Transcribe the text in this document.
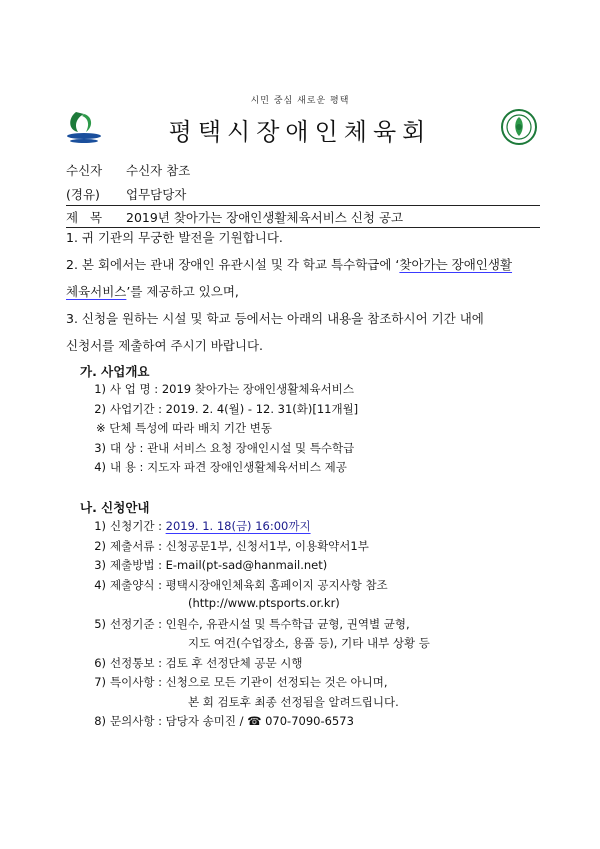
시민 중심 새로운 평택
평택시장애인체육회
수신자 수신자 참조
(경유) 업무담당자
제   목 2019년 찾아가는 장애인생활체육서비스 신청 공고
1. 귀 기관의 무궁한 발전을 기원합니다.
2. 본 회에서는 관내 장애인 유관시설 및 각 학교 특수학급에 ‘찾아가는 장애인생활
체육서비스’를 제공하고 있으며,
3. 신청을 원하는 시설 및 학교 등에서는 아래의 내용을 참조하시어 기간 내에
신청서를 제출하여 주시기 바랍니다.
가. 사업개요
1) 사 업 명 : 2019 찾아가는 장애인생활체육서비스
2) 사업기간 : 2019. 2. 4(월) - 12. 31(화)[11개월]
※ 단체 특성에 따라 배치 기간 변동
3) 대 상 : 관내 서비스 요청 장애인시설 및 특수학급
4) 내 용 : 지도자 파견 장애인생활체육서비스 제공
나. 신청안내
1) 신청기간 : 2019. 1. 18(금) 16:00까지
2) 제출서류 : 신청공문1부, 신청서1부, 이용확약서1부
3) 제출방법 : E-mail(pt-sad@hanmail.net)
4) 제출양식 : 평택시장애인체육회 홈페이지 공지사항 참조
(http://www.ptsports.or.kr)
5) 선정기준 : 인원수, 유관시설 및 특수학급 균형, 권역별 균형,
지도 여건(수업장소, 용품 등), 기타 내부 상황 등
6) 선정통보 : 검토 후 선정단체 공문 시행
7) 특이사항 : 신청으로 모든 기관이 선정되는 것은 아니며,
본 회 검토후 최종 선정됨을 알려드립니다.
8) 문의사항 : 담당자 송미진 / ☎ 070-7090-6573
